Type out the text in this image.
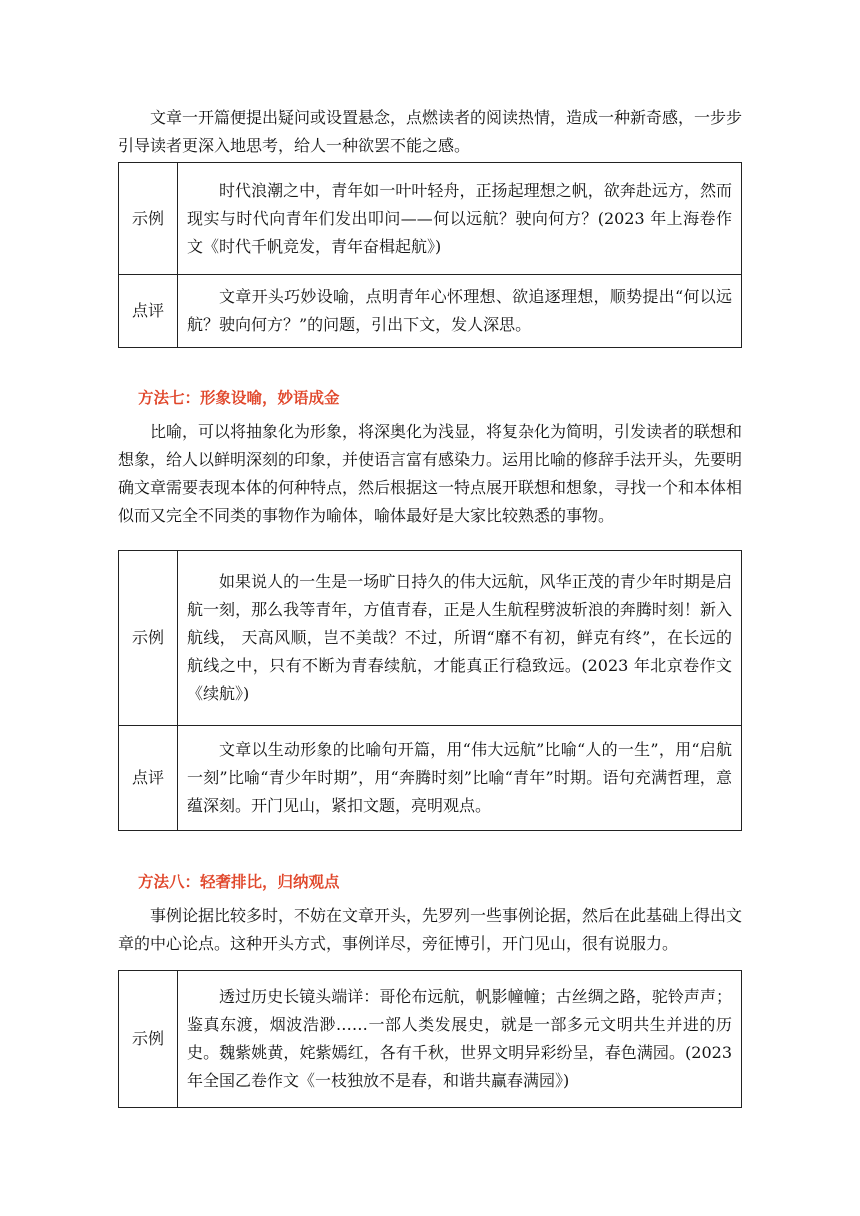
文章一开篇便提出疑问或设置悬念，点燃读者的阅读热情，造成一种新奇感，一步步引导读者更深入地思考，给人一种欲罢不能之感。

示例	时代浪潮之中，青年如一叶叶轻舟，正扬起理想之帆，欲奔赴远方，然而现实与时代向青年们发出叩问——何以远航？驶向何方？(2023 年上海卷作文《时代千帆竞发，青年奋楫起航》)
点评	文章开头巧妙设喻，点明青年心怀理想、欲追逐理想，顺势提出“何以远航？驶向何方？”的问题，引出下文，发人深思。
方法七：形象设喻，妙语成金

比喻，可以将抽象化为形象，将深奥化为浅显，将复杂化为简明，引发读者的联想和想象，给人以鲜明深刻的印象，并使语言富有感染力。运用比喻的修辞手法开头，先要明确文章需要表现本体的何种特点，然后根据这一特点展开联想和想象，寻找一个和本体相似而又完全不同类的事物作为喻体，喻体最好是大家比较熟悉的事物。

示例	如果说人的一生是一场旷日持久的伟大远航，风华正茂的青少年时期是启航一刻，那么我等青年，方值青春，正是人生航程劈波斩浪的奔腾时刻！新入航线， 天高风顺，岂不美哉？不过，所谓“靡不有初，鲜克有终”，在长远的航线之中，只有不断为青春续航，才能真正行稳致远。(2023 年北京卷作文《续航》)
点评	文章以生动形象的比喻句开篇，用“伟大远航”比喻“人的一生”，用“启航一刻”比喻“青少年时期”，用“奔腾时刻”比喻“青年”时期。语句充满哲理，意蕴深刻。开门见山，紧扣文题，亮明观点。
方法八：轻奢排比，归纳观点

事例论据比较多时，不妨在文章开头，先罗列一些事例论据，然后在此基础上得出文章的中心论点。这种开头方式，事例详尽，旁征博引，开门见山，很有说服力。

示例	透过历史长镜头端详：哥伦布远航，帆影幢幢；古丝绸之路，驼铃声声；鉴真东渡，烟波浩渺……一部人类发展史，就是一部多元文明共生并进的历史。魏紫姚黄，姹紫嫣红，各有千秋，世界文明异彩纷呈，春色满园。(2023 年全国乙卷作文《一枝独放不是春，和谐共赢春满园》)
